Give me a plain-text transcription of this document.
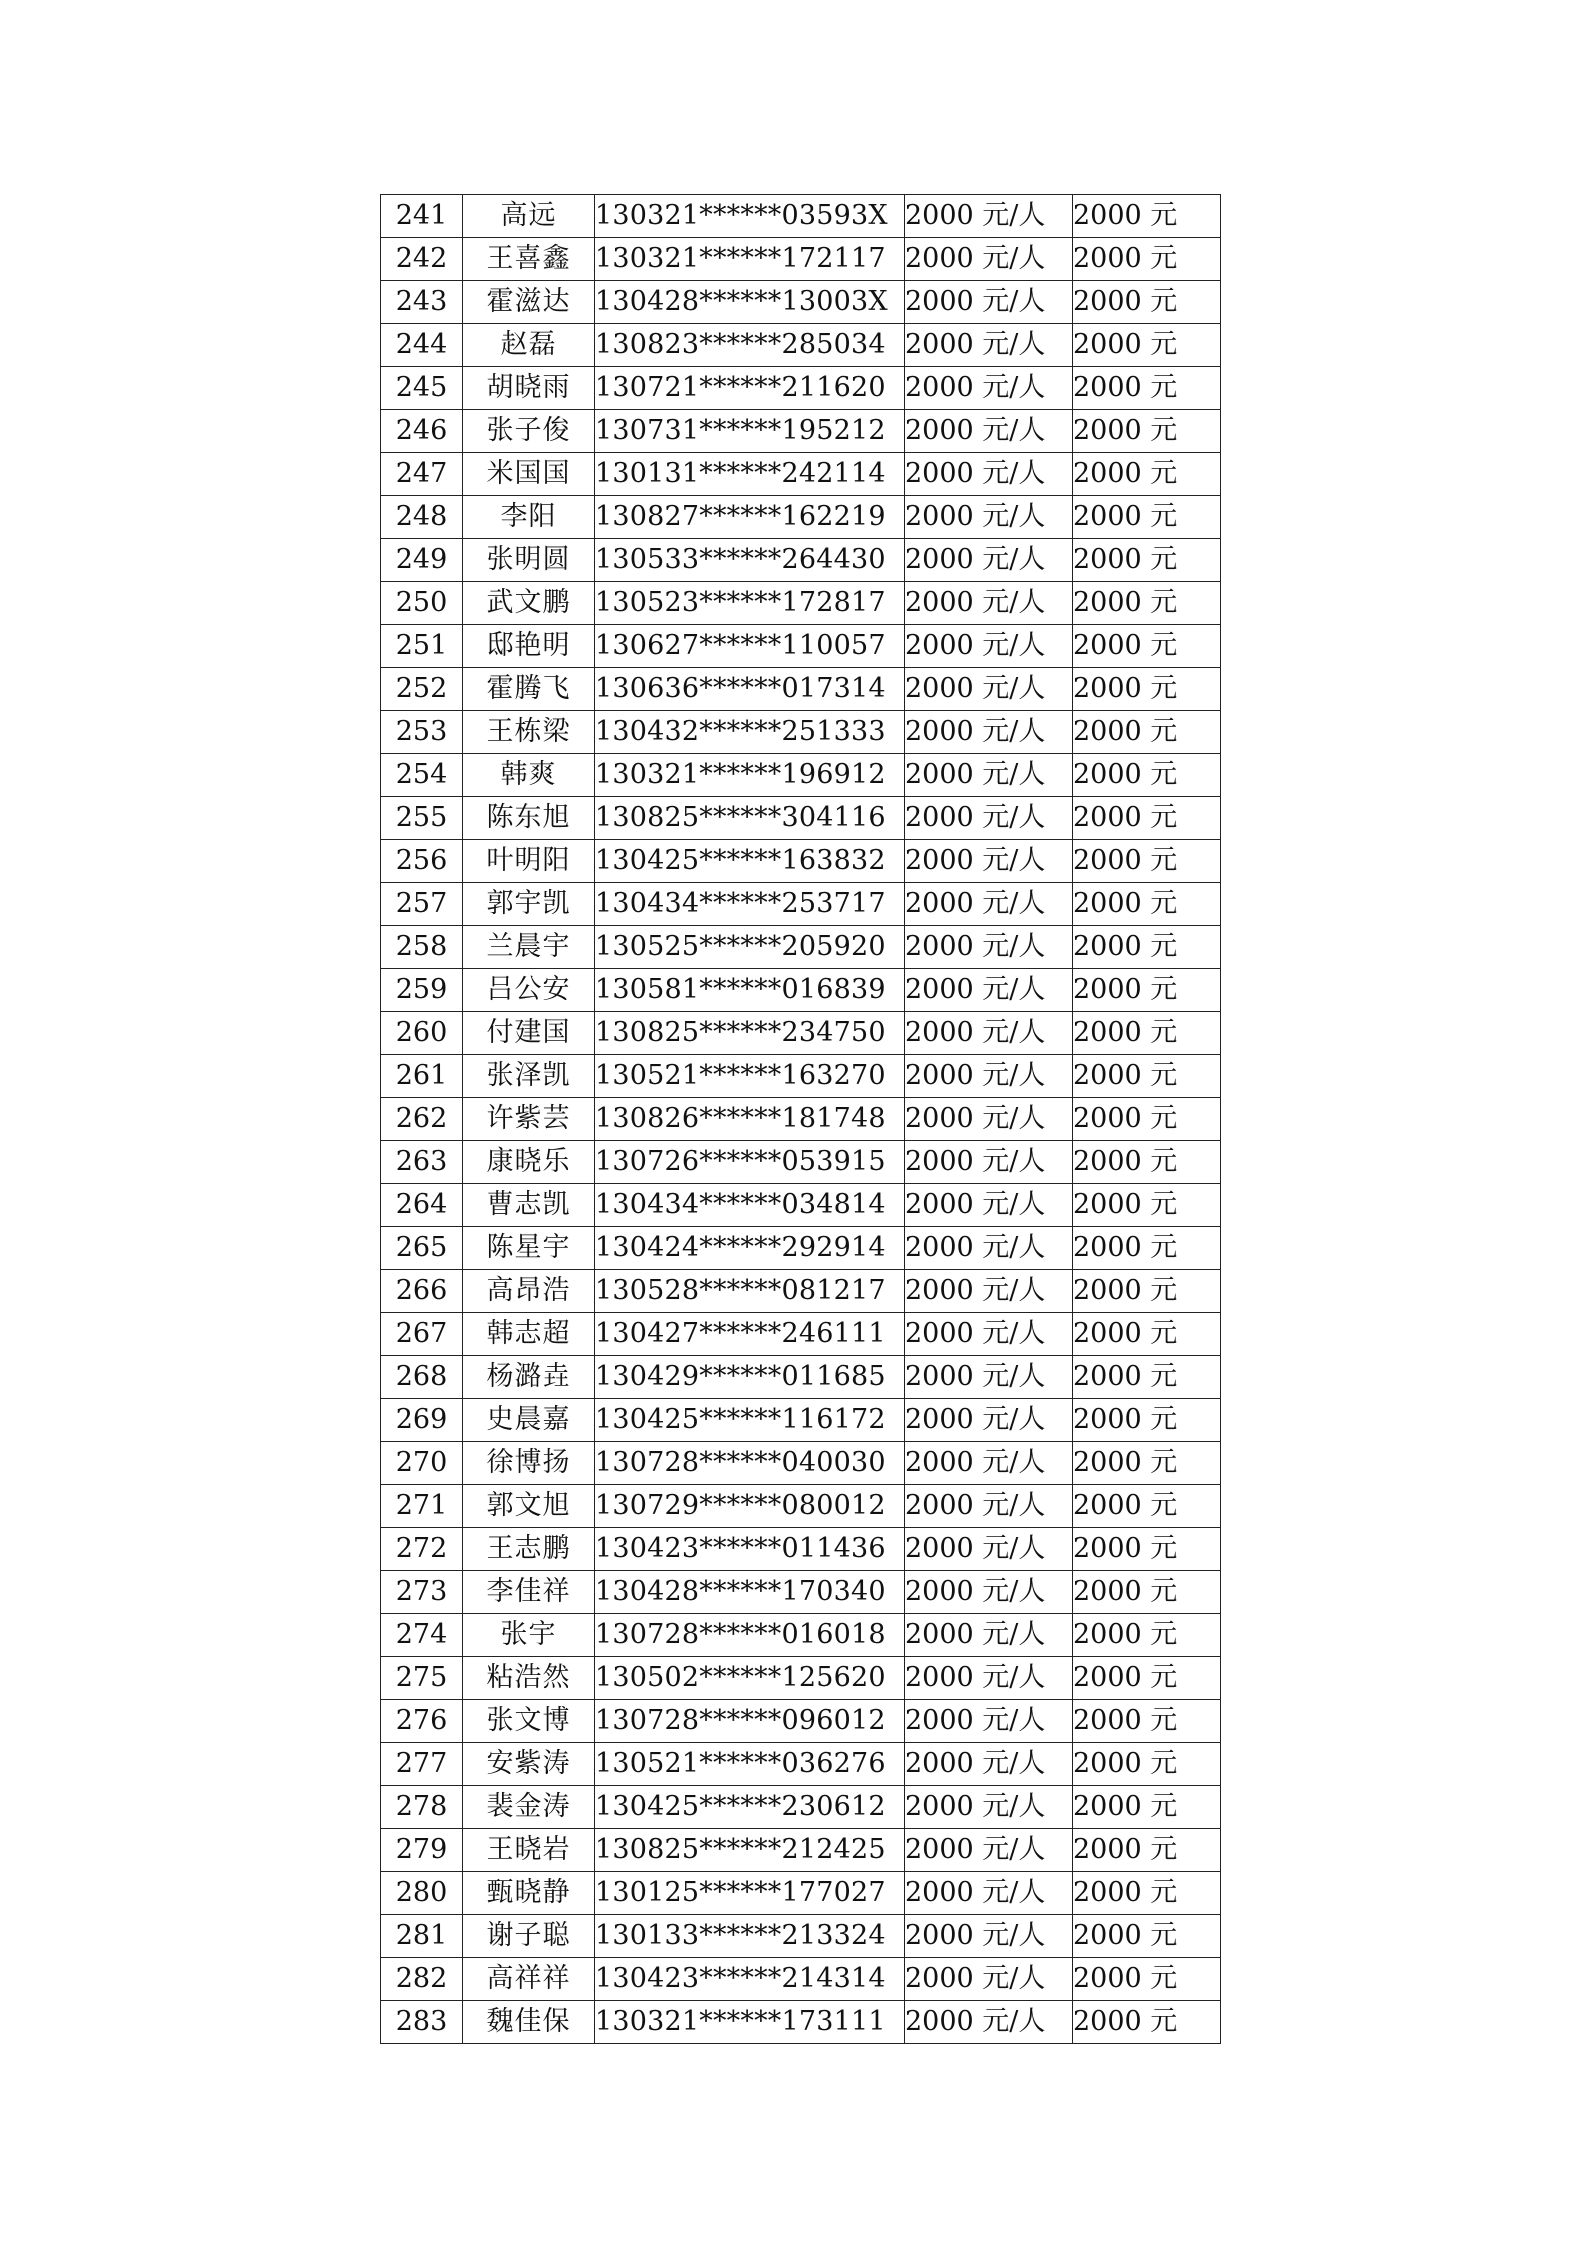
241	高远	130321******03593X	2000 元/人	2000 元
242	王喜鑫	130321******172117	2000 元/人	2000 元
243	霍滋达	130428******13003X	2000 元/人	2000 元
244	赵磊	130823******285034	2000 元/人	2000 元
245	胡晓雨	130721******211620	2000 元/人	2000 元
246	张子俊	130731******195212	2000 元/人	2000 元
247	米国国	130131******242114	2000 元/人	2000 元
248	李阳	130827******162219	2000 元/人	2000 元
249	张明圆	130533******264430	2000 元/人	2000 元
250	武文鹏	130523******172817	2000 元/人	2000 元
251	邸艳明	130627******110057	2000 元/人	2000 元
252	霍腾飞	130636******017314	2000 元/人	2000 元
253	王栋梁	130432******251333	2000 元/人	2000 元
254	韩爽	130321******196912	2000 元/人	2000 元
255	陈东旭	130825******304116	2000 元/人	2000 元
256	叶明阳	130425******163832	2000 元/人	2000 元
257	郭宇凯	130434******253717	2000 元/人	2000 元
258	兰晨宇	130525******205920	2000 元/人	2000 元
259	吕公安	130581******016839	2000 元/人	2000 元
260	付建国	130825******234750	2000 元/人	2000 元
261	张泽凯	130521******163270	2000 元/人	2000 元
262	许紫芸	130826******181748	2000 元/人	2000 元
263	康晓乐	130726******053915	2000 元/人	2000 元
264	曹志凯	130434******034814	2000 元/人	2000 元
265	陈星宇	130424******292914	2000 元/人	2000 元
266	高昂浩	130528******081217	2000 元/人	2000 元
267	韩志超	130427******246111	2000 元/人	2000 元
268	杨潞垚	130429******011685	2000 元/人	2000 元
269	史晨嘉	130425******116172	2000 元/人	2000 元
270	徐博扬	130728******040030	2000 元/人	2000 元
271	郭文旭	130729******080012	2000 元/人	2000 元
272	王志鹏	130423******011436	2000 元/人	2000 元
273	李佳祥	130428******170340	2000 元/人	2000 元
274	张宇	130728******016018	2000 元/人	2000 元
275	粘浩然	130502******125620	2000 元/人	2000 元
276	张文博	130728******096012	2000 元/人	2000 元
277	安紫涛	130521******036276	2000 元/人	2000 元
278	裴金涛	130425******230612	2000 元/人	2000 元
279	王晓岩	130825******212425	2000 元/人	2000 元
280	甄晓静	130125******177027	2000 元/人	2000 元
281	谢子聪	130133******213324	2000 元/人	2000 元
282	高祥祥	130423******214314	2000 元/人	2000 元
283	魏佳保	130321******173111	2000 元/人	2000 元
